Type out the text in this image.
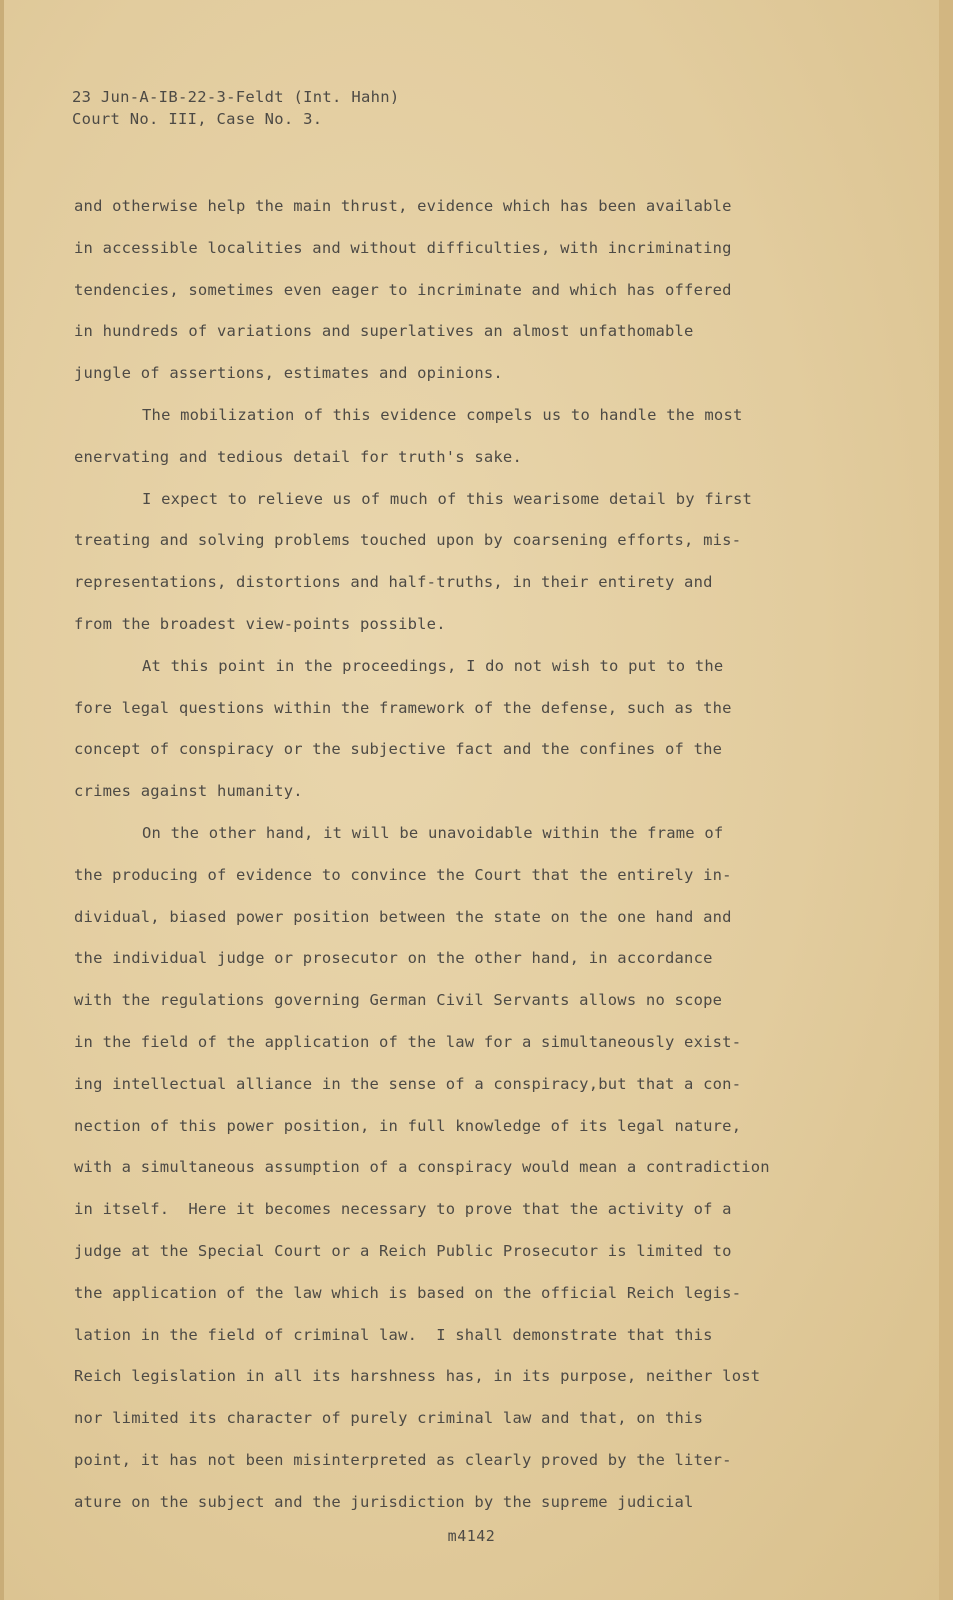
23 Jun-A-IB-22-3-Feldt (Int. Hahn)
Court No. III, Case No. 3.
and otherwise help the main thrust, evidence which has been available
in accessible localities and without difficulties, with incriminating
tendencies, sometimes even eager to incriminate and which has offered
in hundreds of variations and superlatives an almost unfathomable
jungle of assertions, estimates and opinions.
The mobilization of this evidence compels us to handle the most
enervating and tedious detail for truth's sake.
I expect to relieve us of much of this wearisome detail by first
treating and solving problems touched upon by coarsening efforts, mis-
representations, distortions and half-truths, in their entirety and
from the broadest view-points possible.
At this point in the proceedings, I do not wish to put to the
fore legal questions within the framework of the defense, such as the
concept of conspiracy or the subjective fact and the confines of the
crimes against humanity.
On the other hand, it will be unavoidable within the frame of
the producing of evidence to convince the Court that the entirely in-
dividual, biased power position between the state on the one hand and
the individual judge or prosecutor on the other hand, in accordance
with the regulations governing German Civil Servants allows no scope
in the field of the application of the law for a simultaneously exist-
ing intellectual alliance in the sense of a conspiracy,but that a con-
nection of this power position, in full knowledge of its legal nature,
with a simultaneous assumption of a conspiracy would mean a contradiction
in itself.  Here it becomes necessary to prove that the activity of a
judge at the Special Court or a Reich Public Prosecutor is limited to
the application of the law which is based on the official Reich legis-
lation in the field of criminal law.  I shall demonstrate that this
Reich legislation in all its harshness has, in its purpose, neither lost
nor limited its character of purely criminal law and that, on this
point, it has not been misinterpreted as clearly proved by the liter-
ature on the subject and the jurisdiction by the supreme judicial
m4142
